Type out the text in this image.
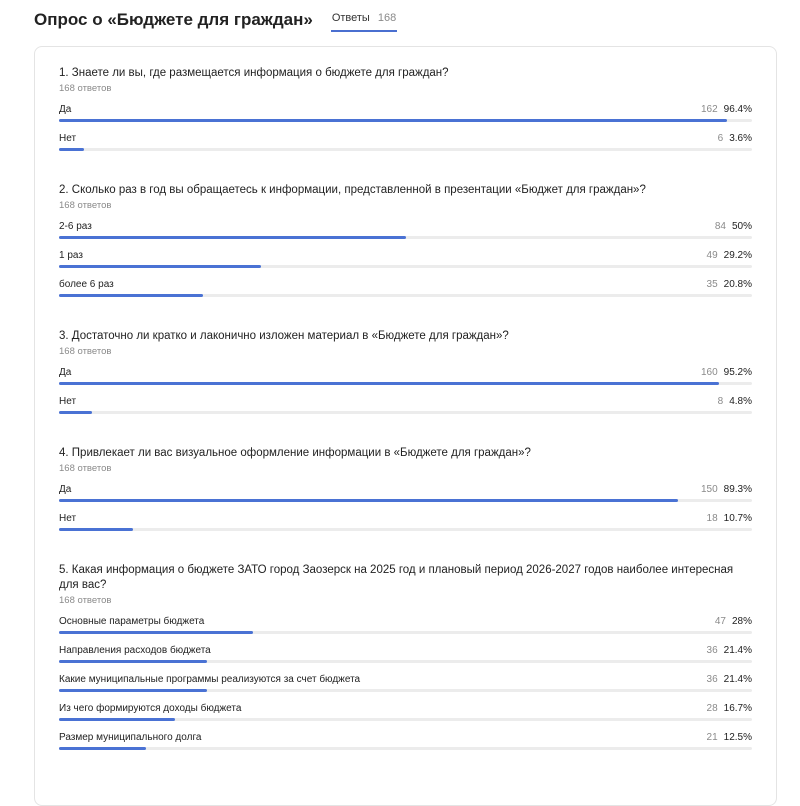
Опрос о «Бюджете для граждан» Ответы 168
1. Знаете ли вы, где размещается информация о бюджете для граждан?
168 ответов
Да	162 96.4%
Нет	6 3.6%
2. Сколько раз в год вы обращаетесь к информации, представленной в презентации «Бюджет для граждан»?
168 ответов
2-6 раз	84 50%
1 раз	49 29.2%
более 6 раз	35 20.8%
3. Достаточно ли кратко и лаконично изложен материал в «Бюджете для граждан»?
168 ответов
Да	160 95.2%
Нет	8 4.8%
4. Привлекает ли вас визуальное оформление информации в «Бюджете для граждан»?
168 ответов
Да	150 89.3%
Нет	18 10.7%
5. Какая информация о бюджете ЗАТО город Заозерск на 2025 год и плановый период 2026-2027 годов наиболее интересная для вас?
168 ответов
Основные параметры бюджета	47 28%
Направления расходов бюджета	36 21.4%
Какие муниципальные программы реализуются за счет бюджета	36 21.4%
Из чего формируются доходы бюджета	28 16.7%
Размер муниципального долга	21 12.5%
